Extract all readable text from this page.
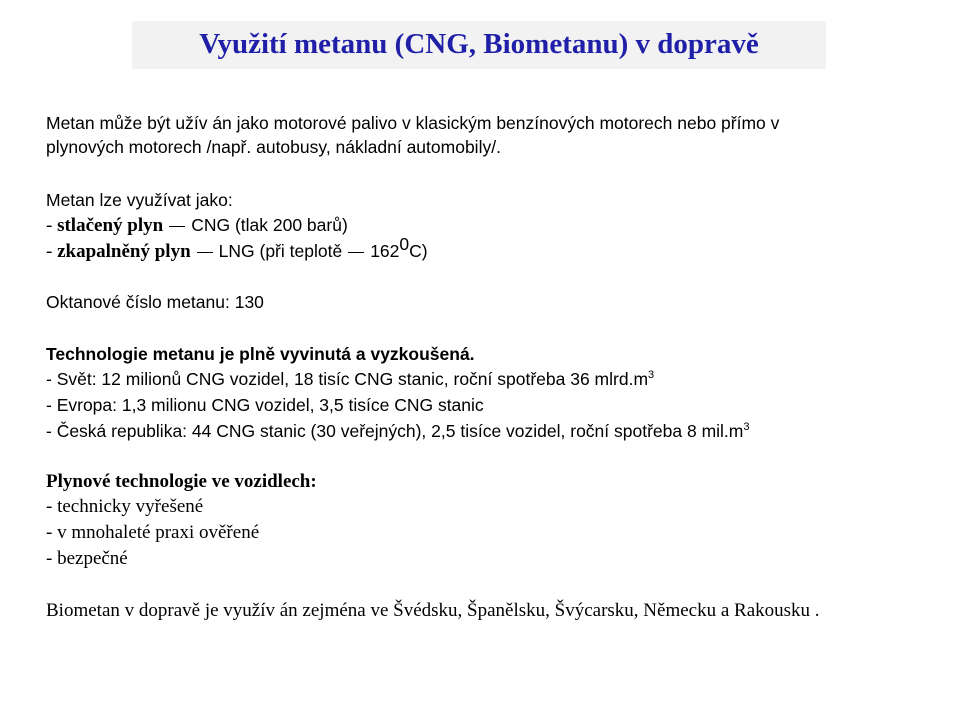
Využití metanu (CNG, Biometanu) v dopravě
Metan může být užív án jako motorové palivo v klasickým benzínových motorech nebo přímo v
plynových motorech /např. autobusy, nákladní automobily/.
Metan lze využívat jako:
- stlačený plyn CNG (tlak 200 barů)
- zkapalněný plyn LNG (při teplotě $162^0C$)
Oktanové číslo metanu: 130
Technologie metanu je plně vyvinutá a vyzkoušená.
- Svět: 12 milionů CNG vozidel, 18 tisíc CNG stanic, roční spotřeba 36 $mlrd.m^3$
- Evropa: 1,3 milionu CNG vozidel, 3,5 tisíce CNG stanic
- Česká republika: 44 CNG stanic (30 veřejných), 2,5 tisíce vozidel, roční spotřeba 8 $mil.m^3$
Plynové technologie ve vozidlech:
- technicky vyřešené
- v mnohaleté praxi ověřené
- bezpečné
Biometan v dopravě je využív án zejména ve Švédsku, Španělsku, Švýcarsku, Německu a Rakousku .
